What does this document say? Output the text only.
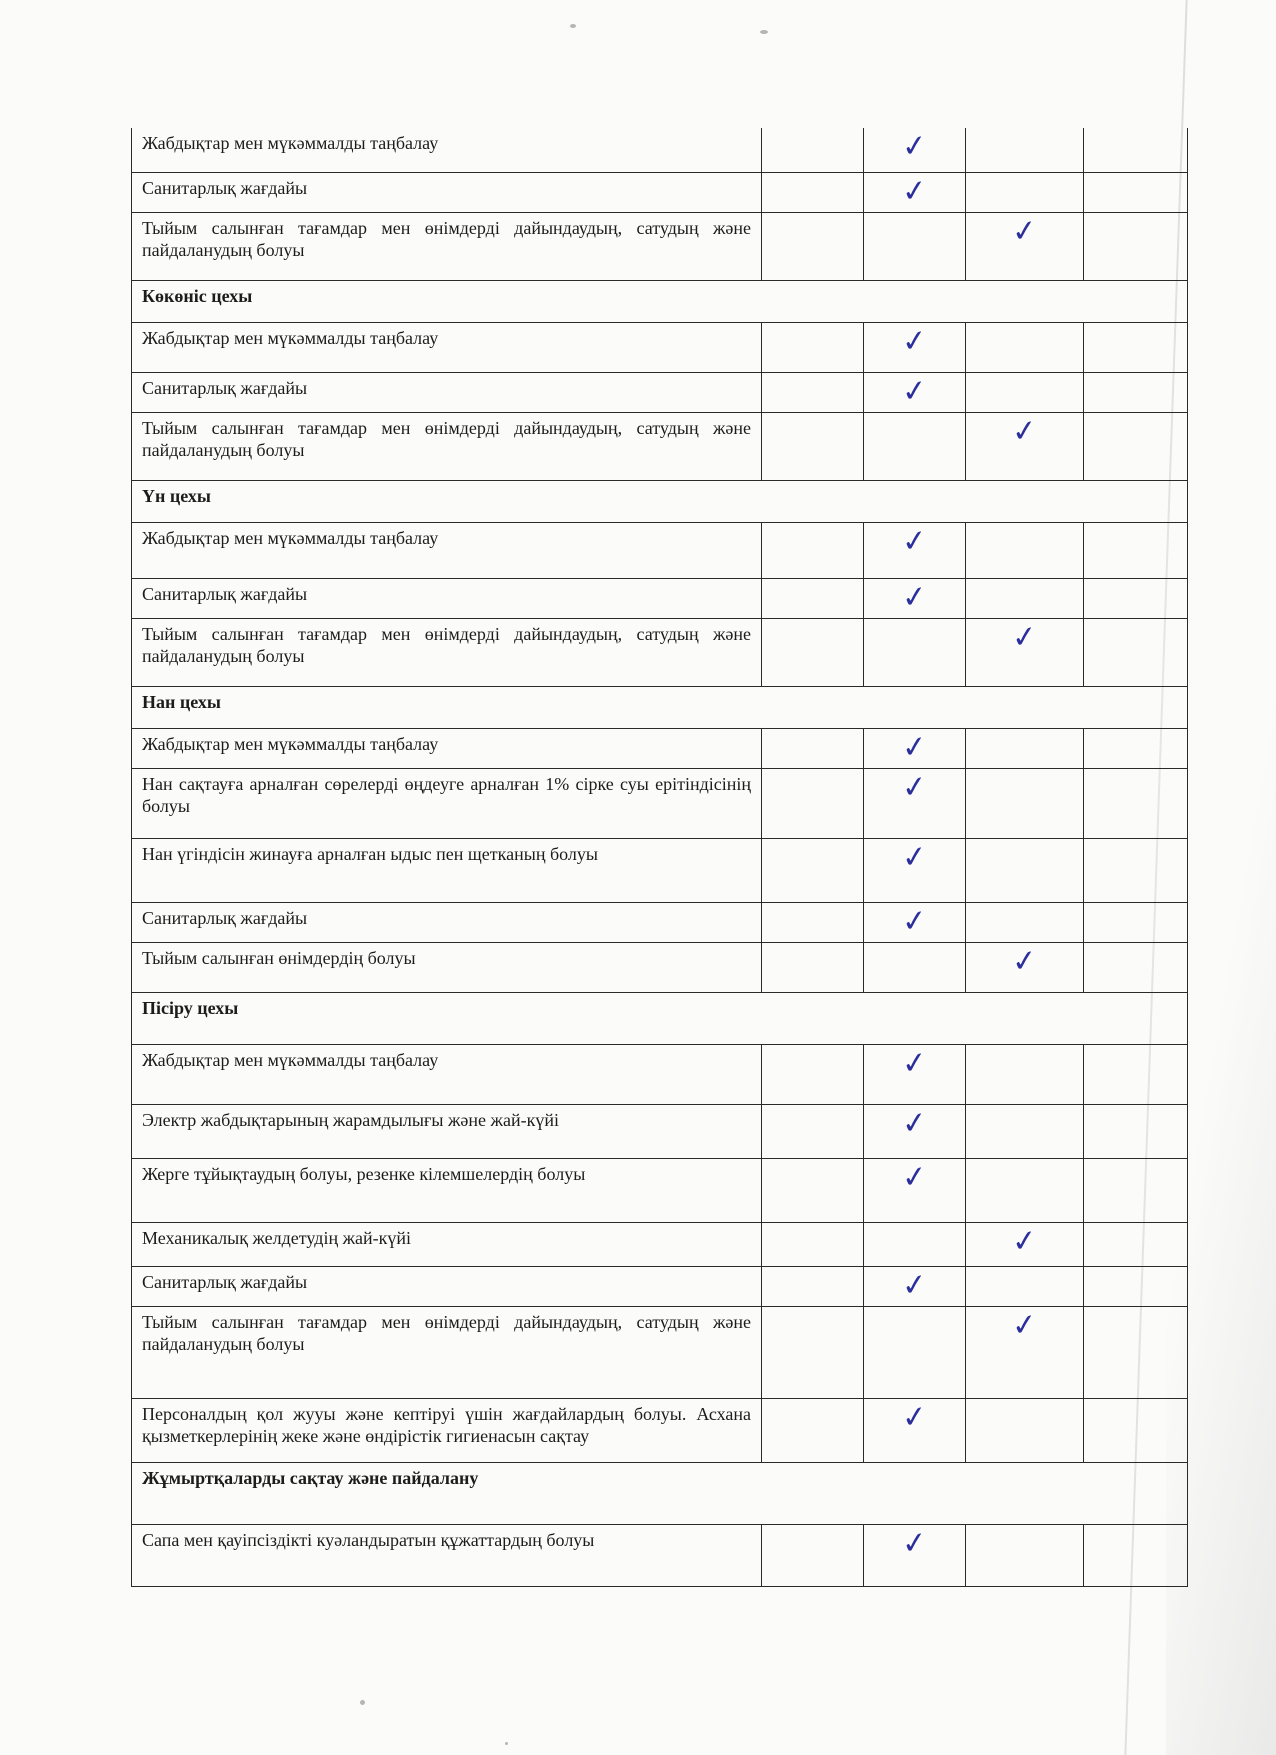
Жабдықтар мен мүкәммалды таңбалау		✓		
Санитарлық жағдайы		✓		
Тыйым салынған тағамдар мен өнімдерді дайындаудың, сатудың және пайдаланудың болуы			✓	
Көкөніс цехы				
Жабдықтар мен мүкәммалды таңбалау		✓		
Санитарлық жағдайы		✓		
Тыйым салынған тағамдар мен өнімдерді дайындаудың, сатудың және пайдаланудың болуы			✓	
Үн цехы				
Жабдықтар мен мүкәммалды таңбалау		✓		
Санитарлық жағдайы		✓		
Тыйым салынған тағамдар мен өнімдерді дайындаудың, сатудың және пайдаланудың болуы			✓	
Нан цехы				
Жабдықтар мен мүкәммалды таңбалау		✓		
Нан сақтауға арналған сөрелерді өңдеуге арналған 1% сірке суы ерітіндісінің болуы		✓		
Нан үгіндісін жинауға арналған ыдыс пен щетканың болуы		✓		
Санитарлық жағдайы		✓		
Тыйым салынған өнімдердің болуы			✓	
Пісіру цехы				
Жабдықтар мен мүкәммалды таңбалау		✓		
Электр жабдықтарының жарамдылығы және жай-күйі		✓		
Жерге тұйықтаудың болуы, резенке кілемшелердің болуы		✓		
Механикалық желдетудің жай-күйі			✓	
Санитарлық жағдайы		✓		
Тыйым салынған тағамдар мен өнімдерді дайындаудың, сатудың және пайдаланудың болуы			✓	
Персоналдың қол жууы және кептіруі үшін жағдайлардың болуы. Асхана қызметкерлерінің жеке және өндірістік гигиенасын сақтау		✓		
Жұмыртқаларды сақтау және пайдалану				
Сапа мен қауіпсіздікті куәландыратын құжаттардың болуы		✓		
